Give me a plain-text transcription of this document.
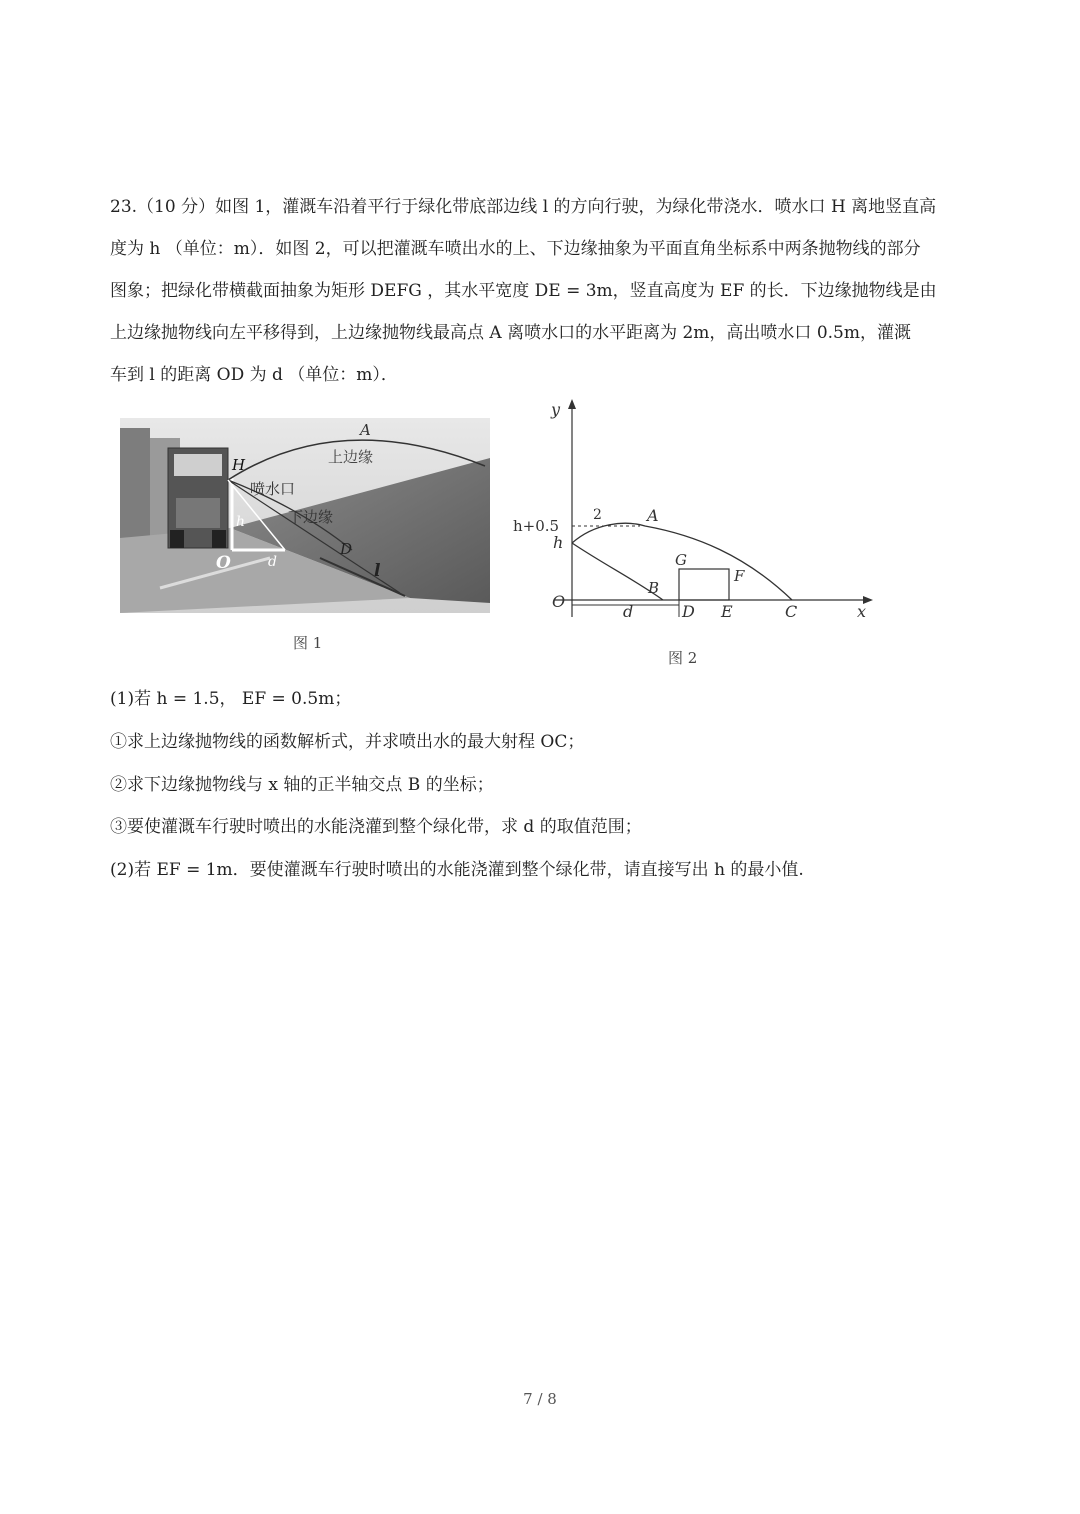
23.（10 分）如图 1，灌溉车沿着平行于绿化带底部边线 l 的方向行驶，为绿化带浇水．喷水口 H 离地竖直高
度为 h （单位：m）．如图 2，可以把灌溉车喷出水的上、下边缘抽象为平面直角坐标系中两条抛物线的部分
图象；把绿化带横截面抽象为矩形 DEFG ，其水平宽度 DE = 3m，竖直高度为 EF 的长．下边缘抛物线是由
上边缘抛物线向左平移得到，上边缘抛物线最高点 A 离喷水口的水平距离为 2m，高出喷水口 0.5m，灌溉
车到 l 的距离 OD 为 d （单位：m）．
A
H	上边缘
喷水口
下边缘
h
O	d
D
l
图 1
y
h+0.5
h
2	A
G
F
B
O
d	D E	C	x
图 2
(1)若 h = 1.5， EF = 0.5m；
①求上边缘抛物线的函数解析式，并求喷出水的最大射程 OC；
②求下边缘抛物线与 x 轴的正半轴交点 B 的坐标；
③要使灌溉车行驶时喷出的水能浇灌到整个绿化带，求 d 的取值范围；
(2)若 EF = 1m．要使灌溉车行驶时喷出的水能浇灌到整个绿化带，请直接写出 h 的最小值.
7 / 8
